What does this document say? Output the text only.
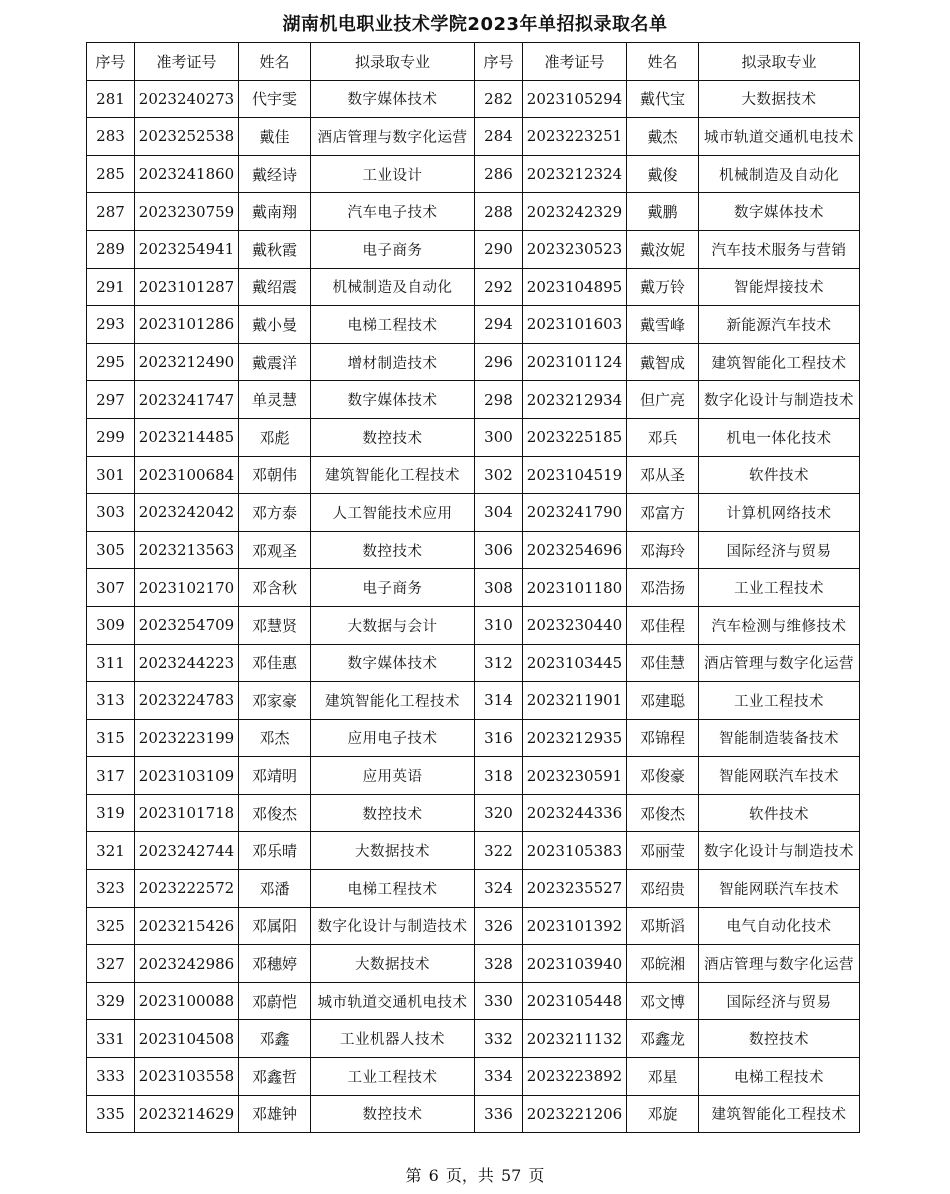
湖南机电职业技术学院2023年单招拟录取名单
序号	准考证号	姓名	拟录取专业	序号	准考证号	姓名	拟录取专业
281	2023240273	代宇雯	数字媒体技术	282	2023105294	戴代宝	大数据技术
283	2023252538	戴佳	酒店管理与数字化运营	284	2023223251	戴杰	城市轨道交通机电技术
285	2023241860	戴经诗	工业设计	286	2023212324	戴俊	机械制造及自动化
287	2023230759	戴南翔	汽车电子技术	288	2023242329	戴鹏	数字媒体技术
289	2023254941	戴秋霞	电子商务	290	2023230523	戴汝妮	汽车技术服务与营销
291	2023101287	戴绍震	机械制造及自动化	292	2023104895	戴万铃	智能焊接技术
293	2023101286	戴小曼	电梯工程技术	294	2023101603	戴雪峰	新能源汽车技术
295	2023212490	戴震洋	增材制造技术	296	2023101124	戴智成	建筑智能化工程技术
297	2023241747	单灵慧	数字媒体技术	298	2023212934	但广亮	数字化设计与制造技术
299	2023214485	邓彪	数控技术	300	2023225185	邓兵	机电一体化技术
301	2023100684	邓朝伟	建筑智能化工程技术	302	2023104519	邓从圣	软件技术
303	2023242042	邓方泰	人工智能技术应用	304	2023241790	邓富方	计算机网络技术
305	2023213563	邓观圣	数控技术	306	2023254696	邓海玲	国际经济与贸易
307	2023102170	邓含秋	电子商务	308	2023101180	邓浩扬	工业工程技术
309	2023254709	邓慧贤	大数据与会计	310	2023230440	邓佳程	汽车检测与维修技术
311	2023244223	邓佳惠	数字媒体技术	312	2023103445	邓佳慧	酒店管理与数字化运营
313	2023224783	邓家豪	建筑智能化工程技术	314	2023211901	邓建聪	工业工程技术
315	2023223199	邓杰	应用电子技术	316	2023212935	邓锦程	智能制造装备技术
317	2023103109	邓靖明	应用英语	318	2023230591	邓俊豪	智能网联汽车技术
319	2023101718	邓俊杰	数控技术	320	2023244336	邓俊杰	软件技术
321	2023242744	邓乐晴	大数据技术	322	2023105383	邓丽莹	数字化设计与制造技术
323	2023222572	邓潘	电梯工程技术	324	2023235527	邓绍贵	智能网联汽车技术
325	2023215426	邓属阳	数字化设计与制造技术	326	2023101392	邓斯滔	电气自动化技术
327	2023242986	邓穗婷	大数据技术	328	2023103940	邓皖湘	酒店管理与数字化运营
329	2023100088	邓蔚恺	城市轨道交通机电技术	330	2023105448	邓文博	国际经济与贸易
331	2023104508	邓鑫	工业机器人技术	332	2023211132	邓鑫龙	数控技术
333	2023103558	邓鑫哲	工业工程技术	334	2023223892	邓星	电梯工程技术
335	2023214629	邓雄钟	数控技术	336	2023221206	邓旋	建筑智能化工程技术
第 6 页，共 57 页
